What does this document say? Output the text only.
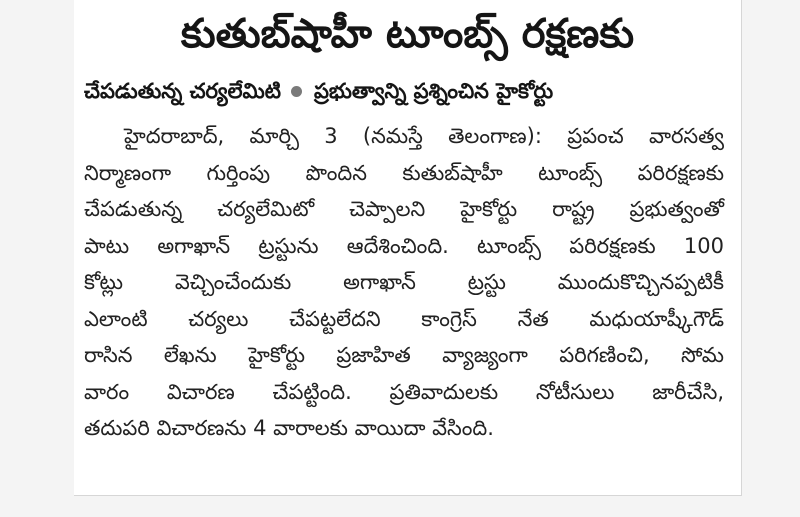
కుతుబ్‌షాహీ టూంబ్స్‌ రక్షణకు
చేపడుతున్న చర్యలేమిటి ప్రభుత్వాన్ని ప్రశ్నించిన హైకోర్టు
హైదరాబాద్‌, మార్చి 3 (నమస్తే తెలంగాణ): ప్రపంచ వారసత్వ
నిర్మాణంగా గుర్తింపు పొందిన కుతుబ్‌షాహీ టూంబ్స్‌ పరిరక్షణకు
చేపడుతున్న చర్యలేమిటో చెప్పాలని హైకోర్టు రాష్ట్ర ప్రభుత్వంతో
పాటు అగాఖాన్‌ ట్రస్టును ఆదేశించింది. టూంబ్స్‌ పరిరక్షణకు 100
కోట్లు వెచ్చించేందుకు అగాఖాన్‌ ట్రస్టు ముందుకొచ్చినప్పటికీ
ఎలాంటి చర్యలు చేపట్టలేదని కాంగ్రెస్‌ నేత మధుయాష్కీగౌడ్‌
రాసిన లేఖను హైకోర్టు ప్రజాహిత వ్యాజ్యంగా పరిగణించి, సోమ
వారం విచారణ చేపట్టింది. ప్రతివాదులకు నోటీసులు జారీచేసి,
తదుపరి విచారణను 4 వారాలకు వాయిదా వేసింది.
